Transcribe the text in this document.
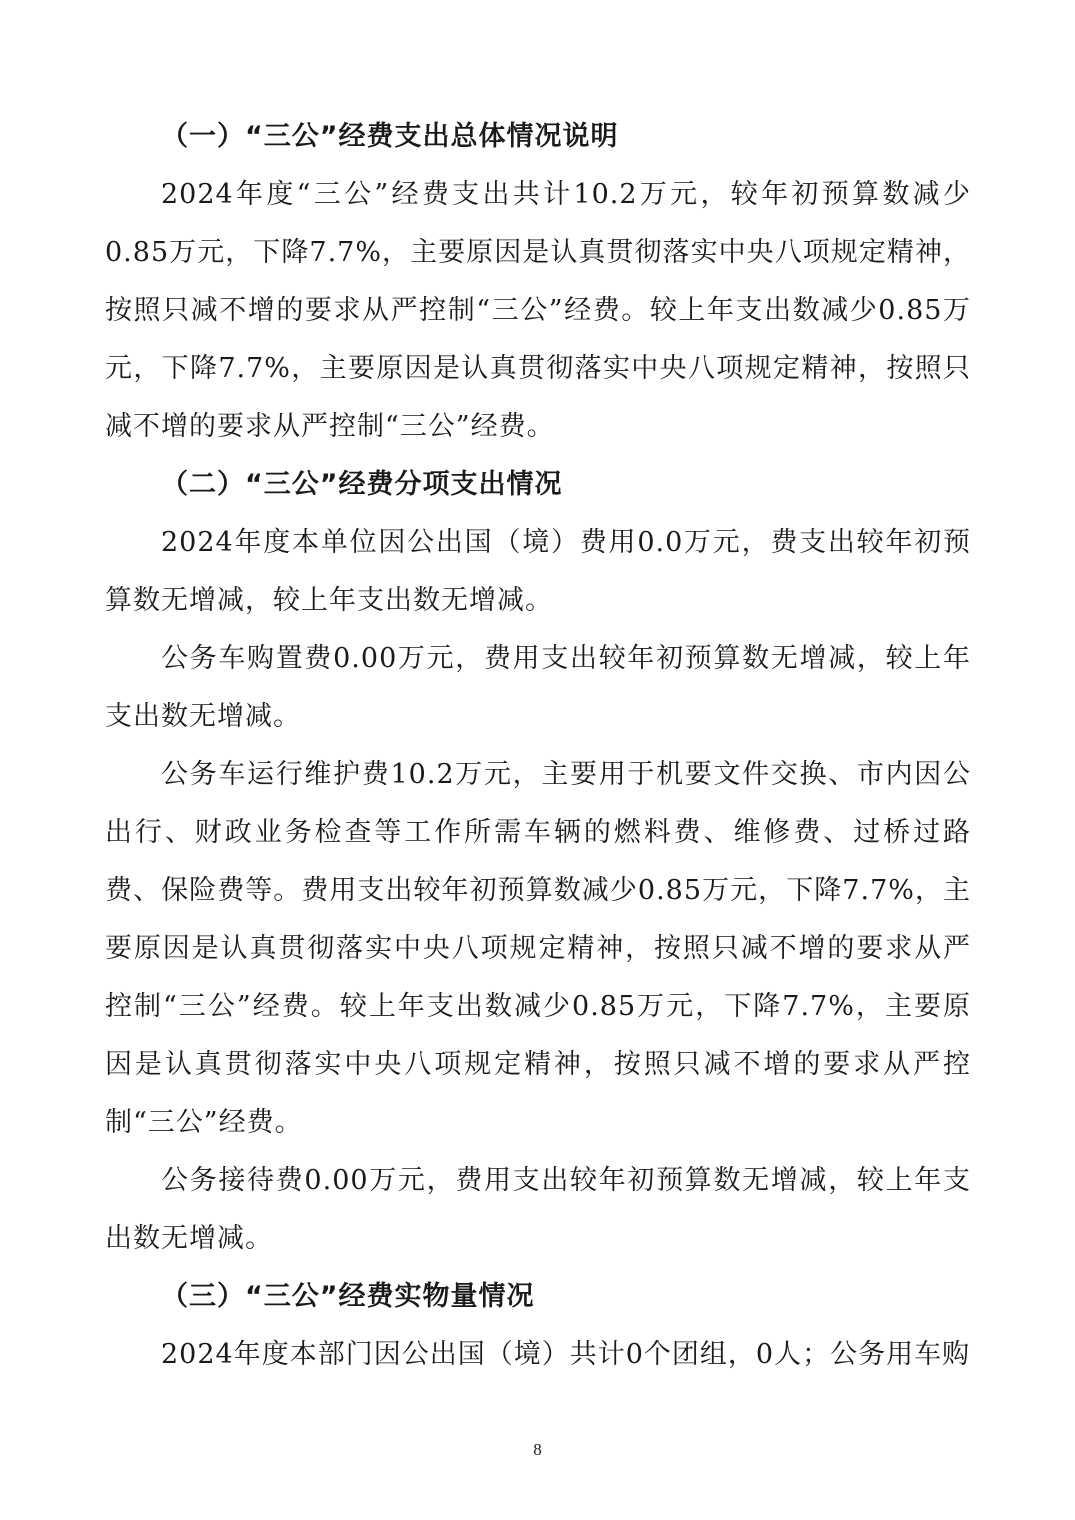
（一）“三公”经费支出总体情况说明

2024年度“三公”经费支出共计10.2万元，较年初预算数减少0.85万元，下降7.7%，主要原因是认真贯彻落实中央八项规定精神，按照只减不增的要求从严控制“三公”经费。较上年支出数减少0.85万元，下降7.7%，主要原因是认真贯彻落实中央八项规定精神，按照只减不增的要求从严控制“三公”经费。

（二）“三公”经费分项支出情况

2024年度本单位因公出国（境）费用0.0万元，费支出较年初预算数无增减，较上年支出数无增减。

公务车购置费0.00万元，费用支出较年初预算数无增减，较上年支出数无增减。

公务车运行维护费10.2万元，主要用于机要文件交换、市内因公出行、财政业务检查等工作所需车辆的燃料费、维修费、过桥过路费、保险费等。费用支出较年初预算数减少0.85万元，下降7.7%，主要原因是认真贯彻落实中央八项规定精神，按照只减不增的要求从严控制“三公”经费。较上年支出数减少0.85万元，下降7.7%，主要原因是认真贯彻落实中央八项规定精神，按照只减不增的要求从严控制“三公”经费。

公务接待费0.00万元，费用支出较年初预算数无增减，较上年支出数无增减。

（三）“三公”经费实物量情况

2024年度本部门因公出国（境）共计0个团组，0人；公务用车购

8
